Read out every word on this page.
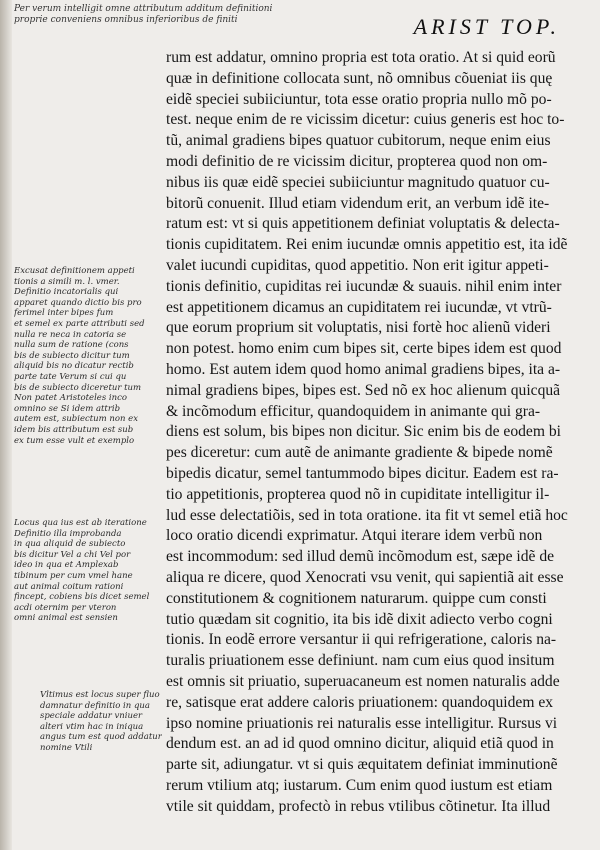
Per verum intelligit omne attributum additum definitioni
proprie conveniens omnibus inferioribus de finiti	ARIST TOP.
rum est addatur, omnino propria est tota oratio. At si quid eorũ
quæ in definitione collocata sunt, nõ omnibus cõueniat iis quę
eidẽ speciei subiiciuntur, tota esse oratio propria nullo mõ po-
test. neque enim de re vicissim dicetur: cuius generis est hoc to-
tũ, animal gradiens bipes quatuor cubitorum, neque enim eius
modi definitio de re vicissim dicitur, propterea quod non om-
nibus iis quæ eidẽ speciei subiiciuntur magnitudo quatuor cu-
bitorũ conuenit. Illud etiam videndum erit, an verbum idẽ ite-
ratum est: vt si quis appetitionem definiat voluptatis & delecta-
tionis cupiditatem. Rei enim iucundæ omnis appetitio est, ita idẽ
valet iucundi cupiditas, quod appetitio. Non erit igitur appeti-
tionis definitio, cupiditas rei iucundæ & suauis. nihil enim inter
est appetitionem dicamus an cupiditatem rei iucundæ, vt vtrũ-
que eorum proprium sit voluptatis, nisi fortè hoc alienũ videri
non potest. homo enim cum bipes sit, certe bipes idem est quod
homo. Est autem idem quod homo animal gradiens bipes, ita a-
nimal gradiens bipes, bipes est. Sed nõ ex hoc alienum quicquã
& incõmodum efficitur, quandoquidem in animante qui gra-
diens est solum, bis bipes non dicitur. Sic enim bis de eodem bi
pes diceretur: cum autẽ de animante gradiente & bipede nomẽ
bipedis dicatur, semel tantummodo bipes dicitur. Eadem est ra-
tio appetitionis, propterea quod nõ in cupiditate intelligitur il-
lud esse delectatiõis, sed in tota oratione. ita fit vt semel etiã hoc
loco oratio dicendi exprimatur. Atqui iterare idem verbũ non
est incommodum: sed illud demũ incõmodum est, sæpe idẽ de
aliqua re dicere, quod Xenocrati vsu venit, qui sapientiã ait esse
constitutionem & cognitionem naturarum. quippe cum consti
tutio quædam sit cognitio, ita bis idẽ dixit adiecto verbo cogni
tionis. In eodẽ errore versantur ii qui refrigeratione, caloris na-
turalis priuationem esse definiunt. nam cum eius quod insitum
est omnis sit priuatio, superuacaneum est nomen naturalis adde
re, satisque erat addere caloris priuationem: quandoquidem ex
ipso nomine priuationis rei naturalis esse intelligitur. Rursus vi
dendum est. an ad id quod omnino dicitur, aliquid etiã quod in
parte sit, adiungatur. vt si quis æquitatem definiat imminutionẽ
rerum vtilium atq; iustarum. Cum enim quod iustum est etiam
vtile sit quiddam, profectò in rebus vtilibus cõtinetur. Ita illud
Excusat definitionem appeti
tionis a simili m. l. vmer.
Definitio incatorialis qui
apparet quando dictio bis pro
ferimel inter bipes fum
et semel ex parte attributi sed
nulla re neca in catoria se
nulla sum de ratione (cons
bis de subiecto dicitur tum
aliquid bis no dicatur rectib
parte tate Verum si cui qu
bis de subiecto diceretur tum
Non patet Aristoteles inco
omnino se Si idem attrib
autem est, subiectum non ex
idem bis attributum est sub
ex tum esse vult et exemplo
Locus qua ius est ab iteratione
Definitio illa improbanda
in qua aliquid de subiecto
bis dicitur Vel a chi Vel por
ideo in qua et Amplexab
tibinum per cum vmel hane
aut animal coitum rationi
fincept, cobiens bis dicet semel
acdi oternim per vteron
omni animal est sensien
Vltimus est locus super fluo
damnatur definitio in qua
speciale addatur vniuer
alteri vtim hac in iniqua
angus tum est quod addatur
nomine Vtili
